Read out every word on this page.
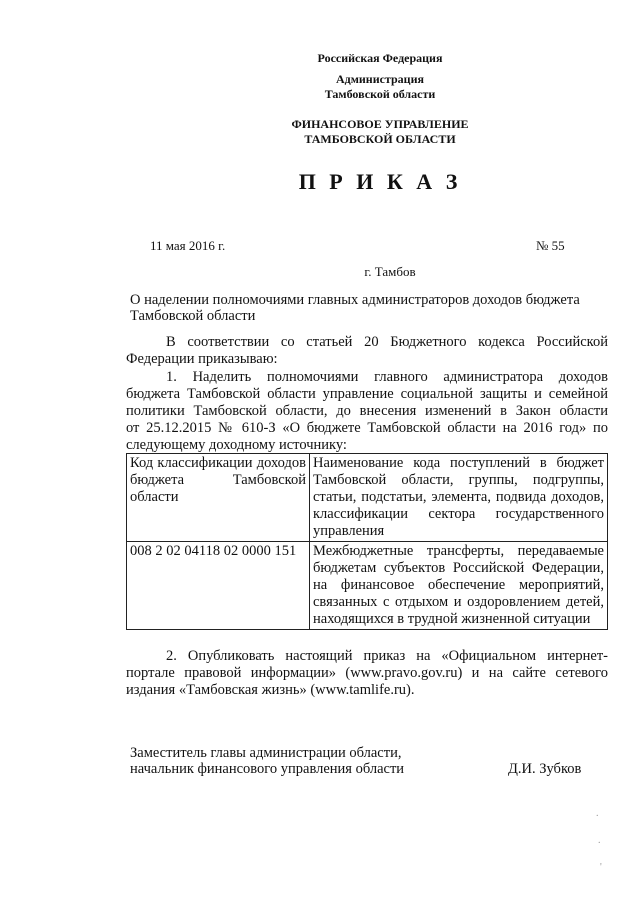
Российская Федерация
Администрация
Тамбовской области
ФИНАНСОВОЕ УПРАВЛЕНИЕ
ТАМБОВСКОЙ ОБЛАСТИ
П Р И К А З
11 мая 2016 г.	№ 55
г. Тамбов
О наделении полномочиями главных администраторов доходов бюджета
Тамбовской области
В соответствии со статьей 20 Бюджетного кодекса Российской
Федерации приказываю:
1. Наделить полномочиями главного администратора доходов
бюджета Тамбовской области управление социальной защиты и семейной
политики Тамбовской области, до внесения изменений в Закон области
от 25.12.2015 № 610-З «О бюджете Тамбовской области на 2016 год» по
следующему доходному источнику:
Код классификации доходов бюджета Тамбовской области	Наименование кода поступлений в бюджет Тамбовской области, группы, подгруппы, статьи, подстатьи, элемента, подвида доходов, классификации сектора государственного управления
008 2 02 04118 02 0000 151	Межбюджетные трансферты, передаваемые бюджетам субъектов Российской Федерации, на финансовое обеспечение мероприятий, связанных с отдыхом и оздоровлением детей, находящихся в трудной жизненной ситуации
2. Опубликовать настоящий приказ на «Официальном интернет-
портале правовой информации» (www.pravo.gov.ru) и на сайте сетевого
издания «Тамбовская жизнь» (www.tamlife.ru).
Заместитель главы администрации области,
начальник финансового управления области	Д.И. Зубков
.
.
'
